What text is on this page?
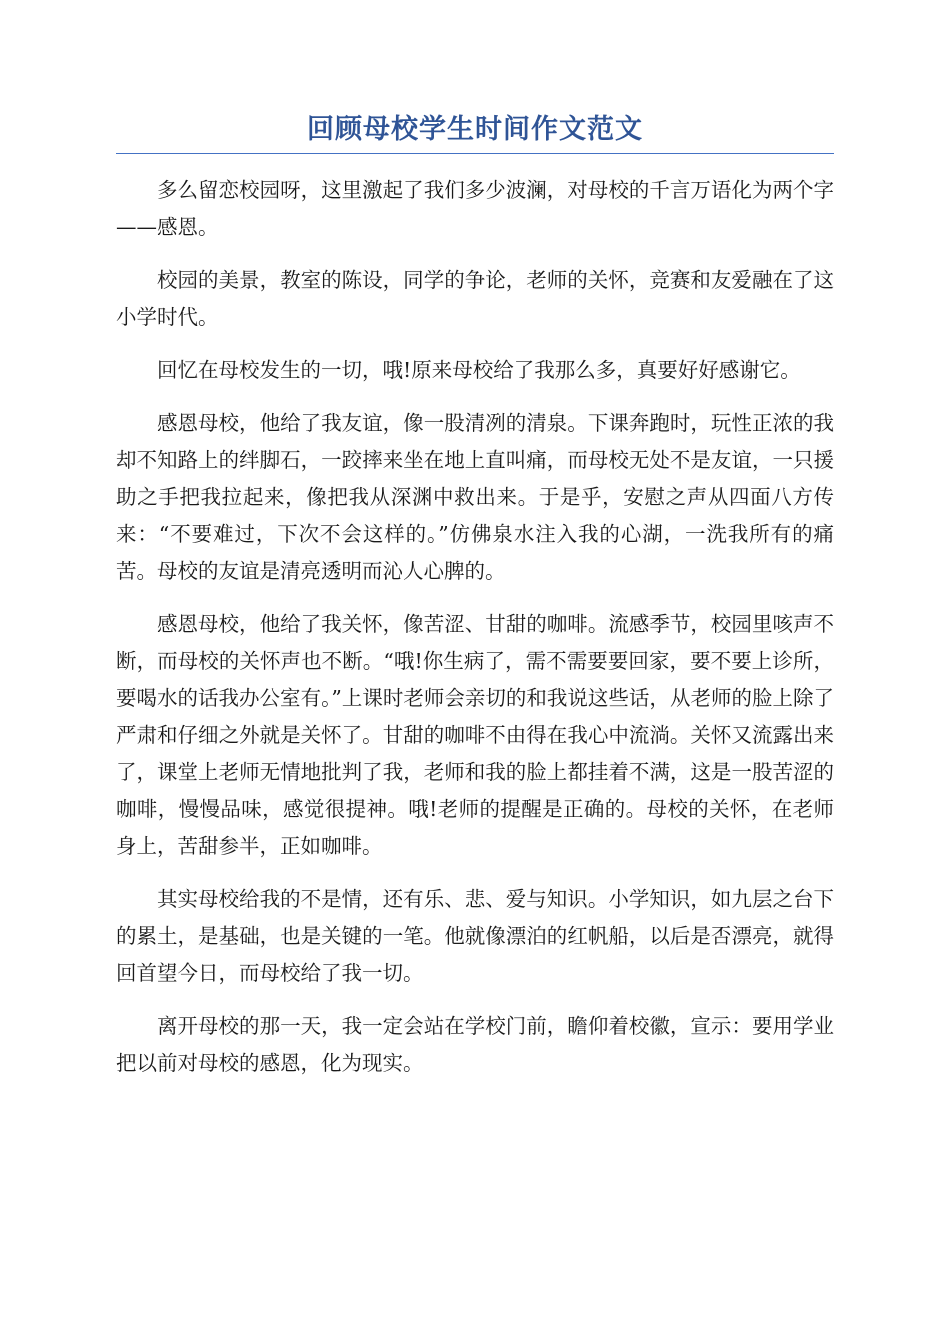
回顾母校学生时间作文范文

多么留恋校园呀，这里激起了我们多少波澜，对母校的千言万语化为两个字——感恩。

校园的美景，教室的陈设，同学的争论，老师的关怀，竞赛和友爱融在了这小学时代。

回忆在母校发生的一切，哦!原来母校给了我那么多，真要好好感谢它。

感恩母校，他给了我友谊，像一股清冽的清泉。下课奔跑时，玩性正浓的我却不知路上的绊脚石，一跤摔来坐在地上直叫痛，而母校无处不是友谊，一只援助之手把我拉起来，像把我从深渊中救出来。于是乎，安慰之声从四面八方传来：“不要难过，下次不会这样的。”仿佛泉水注入我的心湖，一洗我所有的痛苦。母校的友谊是清亮透明而沁人心脾的。

感恩母校，他给了我关怀，像苦涩、甘甜的咖啡。流感季节，校园里咳声不断，而母校的关怀声也不断。“哦!你生病了，需不需要要回家，要不要上诊所，要喝水的话我办公室有。”上课时老师会亲切的和我说这些话，从老师的脸上除了严肃和仔细之外就是关怀了。甘甜的咖啡不由得在我心中流淌。关怀又流露出来了，课堂上老师无情地批判了我，老师和我的脸上都挂着不满，这是一股苦涩的咖啡，慢慢品味，感觉很提神。哦!老师的提醒是正确的。母校的关怀，在老师身上，苦甜参半，正如咖啡。

其实母校给我的不是情，还有乐、悲、爱与知识。小学知识，如九层之台下的累土，是基础，也是关键的一笔。他就像漂泊的红帆船，以后是否漂亮，就得回首望今日，而母校给了我一切。

离开母校的那一天，我一定会站在学校门前，瞻仰着校徽，宣示：要用学业把以前对母校的感恩，化为现实。
